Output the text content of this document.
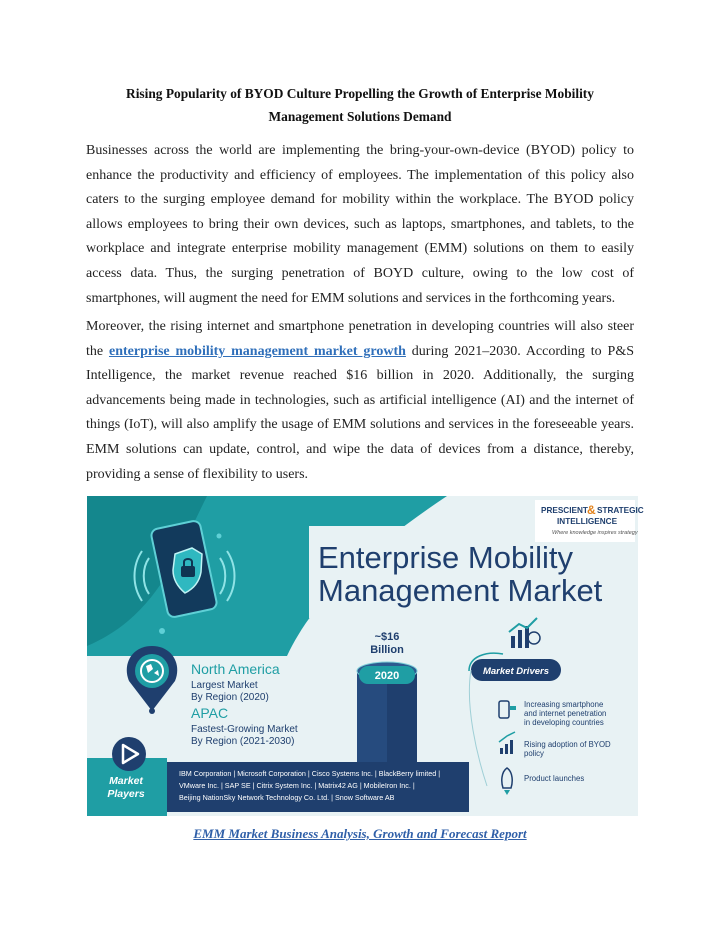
Rising Popularity of BYOD Culture Propelling the Growth of Enterprise Mobility
Management Solutions Demand
Businesses across the world are implementing the bring-your-own-device (BYOD) policy to enhance the productivity and efficiency of employees. The implementation of this policy also caters to the surging employee demand for mobility within the workplace. The BYOD policy allows employees to bring their own devices, such as laptops, smartphones, and tablets, to the workplace and integrate enterprise mobility management (EMM) solutions on them to easily access data. Thus, the surging penetration of BOYD culture, owing to the low cost of smartphones, will augment the need for EMM solutions and services in the forthcoming years.
Moreover, the rising internet and smartphone penetration in developing countries will also steer the enterprise mobility management market growth during 2021–2030. According to P&S Intelligence, the market revenue reached $16 billion in 2020. Additionally, the surging advancements being made in technologies, such as artificial intelligence (AI) and the internet of things (IoT), will also amplify the usage of EMM solutions and services in the foreseeable years. EMM solutions can update, control, and wipe the data of devices from a distance, thereby, providing a sense of flexibility to users.
PRESCIENT & STRATEGIC
INTELLIGENCE
Where knowledge inspires strategy
Enterprise Mobility
Management Market
~$16
Billion
2020
North America
Largest Market
By Region (2020)
APAC
Fastest-Growing Market
By Region (2021-2030)
Market Drivers
Increasing smartphone
and internet penetration
in developing countries
Rising adoption of BYOD
policy
Product launches
Market
Players
IBM Corporation | Microsoft Corporation | Cisco Systems Inc. | BlackBerry limited |
VMware Inc. | SAP SE | Citrix System Inc. | Matrix42 AG | MobileIron Inc. |
Beijing NationSky Network Technology Co. Ltd. | Snow Software AB
EMM Market Business Analysis, Growth and Forecast Report
